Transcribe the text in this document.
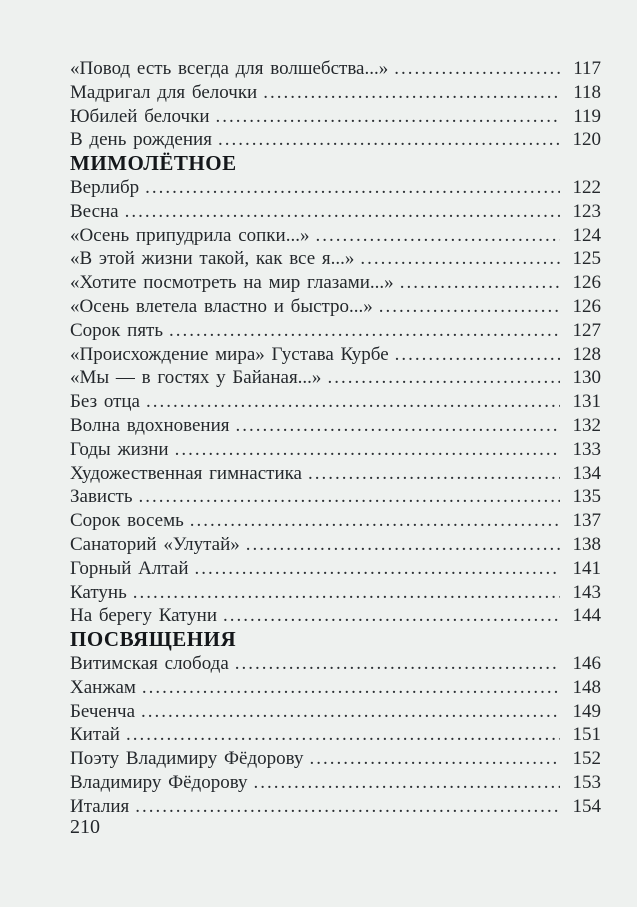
«Повод есть всегда для волшебства...» .....	117
Мадригал для белочки .....	118
Юбилей белочки .....	119
В день рождения .....	120
МИМОЛЁТНОЕ
Верлибр .....	122
Весна .....	123
«Осень припудрила сопки...» .....	124
«В этой жизни такой, как все я...» .....	125
«Хотите посмотреть на мир глазами...» .....	126
«Осень влетела властно и быстро...» .....	126
Сорок пять .....	127
«Происхождение мира» Густава Курбе .....	128
«Мы — в гостях у Байаная...» .....	130
Без отца .....	131
Волна вдохновения .....	132
Годы жизни .....	133
Художественная гимнастика .....	134
Зависть .....	135
Сорок восемь .....	137
Санаторий «Улутай» .....	138
Горный Алтай .....	141
Катунь .....	143
На берегу Катуни .....	144
ПОСВЯЩЕНИЯ
Витимская слобода .....	146
Ханжам .....	148
Беченча .....	149
Китай .....	151
Поэту Владимиру Фёдорову .....	152
Владимиру Фёдорову .....	153
Италия .....	154
210
